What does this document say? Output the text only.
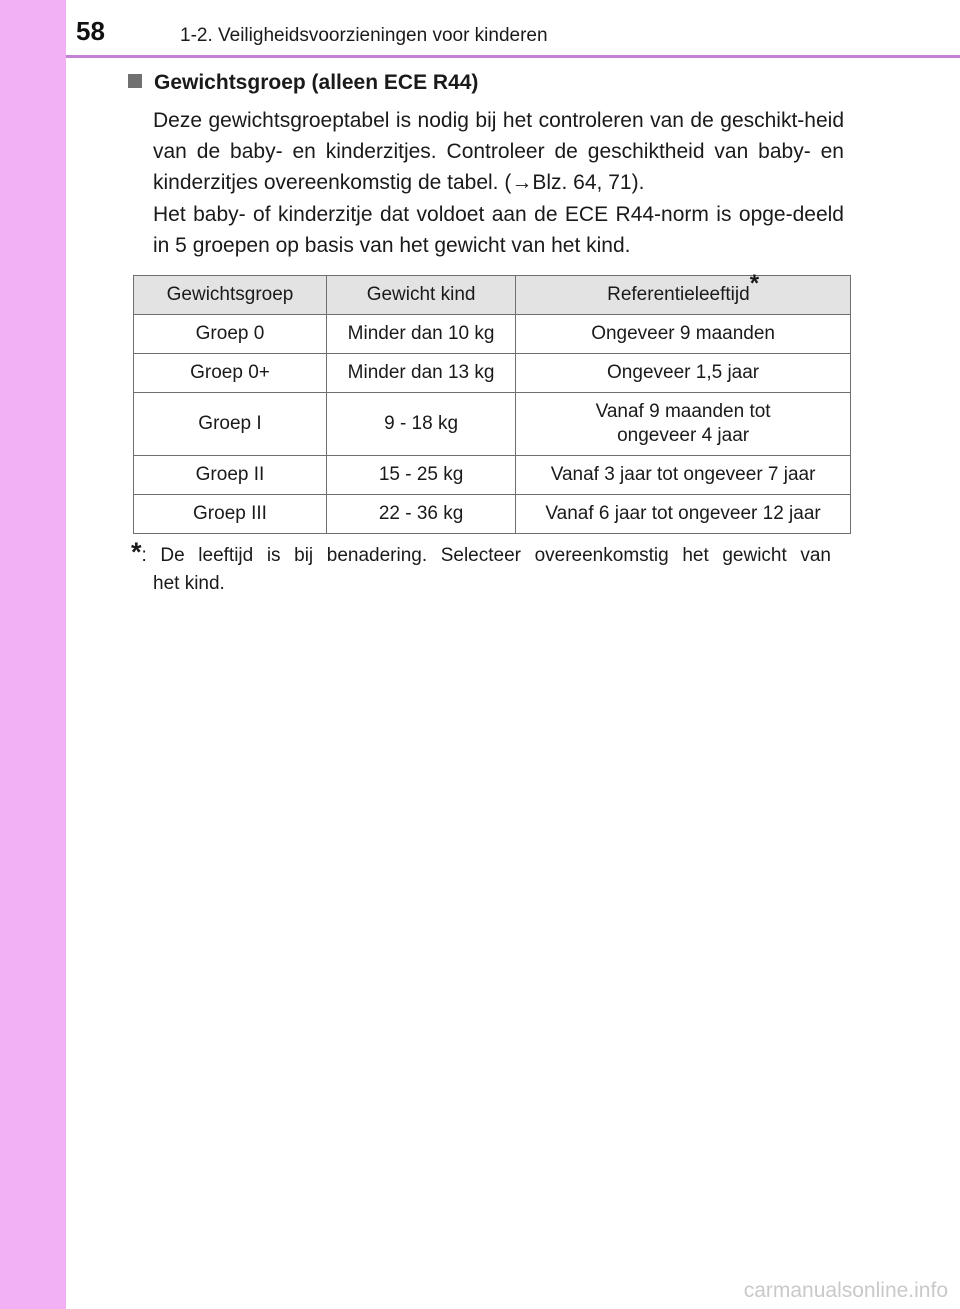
58	1-2. Veiligheidsvoorzieningen voor kinderen
Gewichtsgroep (alleen ECE R44)
Deze gewichtsgroeptabel is nodig bij het controleren van de geschikt-heid van de baby- en kinderzitjes. Controleer de geschiktheid van baby- en kinderzitjes overeenkomstig de tabel. (→Blz. 64, 71).
Het baby- of kinderzitje dat voldoet aan de ECE R44-norm is opge-deeld in 5 groepen op basis van het gewicht van het kind.
Gewichtsgroep	Gewicht kind	Referentieleeftijd*
Groep 0	Minder dan 10 kg	Ongeveer 9 maanden
Groep 0+	Minder dan 13 kg	Ongeveer 1,5 jaar
Groep I	9 - 18 kg	Vanaf 9 maanden tot
ongeveer 4 jaar
Groep II	15 - 25 kg	Vanaf 3 jaar tot ongeveer 7 jaar
Groep III	22 - 36 kg	Vanaf 6 jaar tot ongeveer 12 jaar
*: De leeftijd is bij benadering. Selecteer overeenkomstig het gewicht van
het kind.
carmanualsonline.info
